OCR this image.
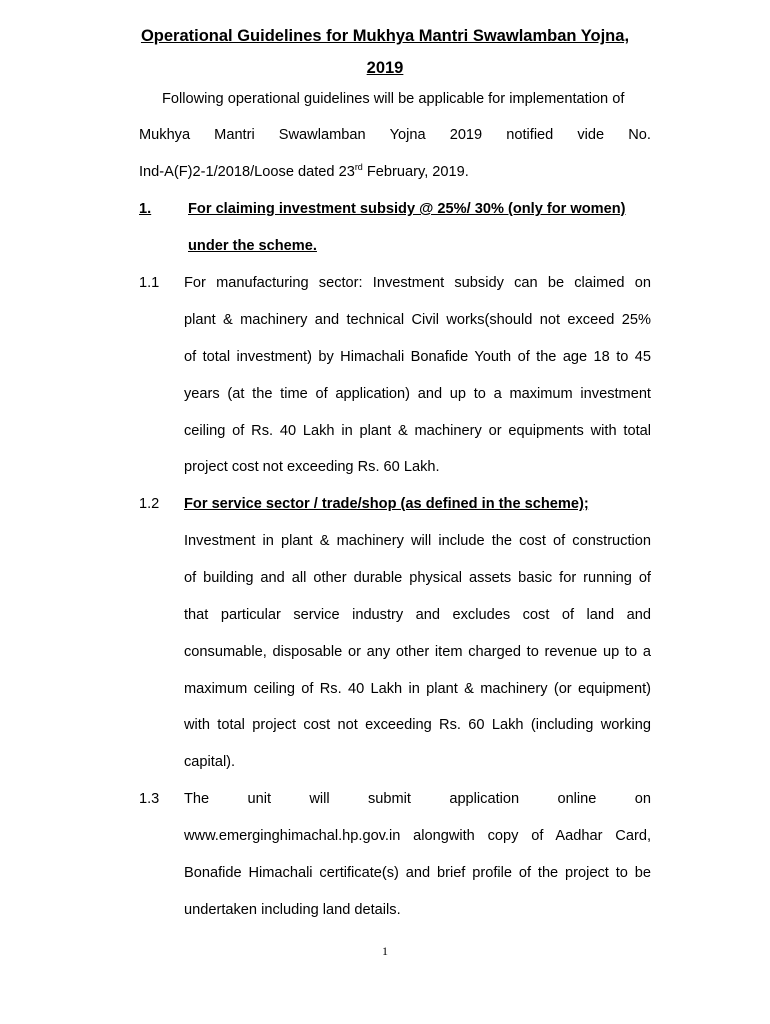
Operational Guidelines for Mukhya Mantri Swawlamban Yojna,
2019
Following operational guidelines will be applicable for implementation of
Mukhya Mantri Swawlamban Yojna 2019 notified vide No.
Ind-A(F)2-1/2018/Loose dated 23rd February, 2019.
1.	For claiming investment subsidy @ 25%/ 30% (only for women)
under the scheme.
1.1 For manufacturing sector: Investment subsidy can be claimed on
plant & machinery and technical Civil works(should not exceed 25%
of total investment) by Himachali Bonafide Youth of the age 18 to 45
years (at the time of application) and up to a maximum investment
ceiling of Rs. 40 Lakh in plant & machinery or equipments with total
project cost not exceeding Rs. 60 Lakh.
1.2 For service sector / trade/shop (as defined in the scheme);
Investment in plant & machinery will include the cost of construction
of building and all other durable physical assets basic for running of
that particular service industry and excludes cost of land and
consumable, disposable or any other item charged to revenue up to a
maximum ceiling of Rs. 40 Lakh in plant & machinery (or equipment)
with total project cost not exceeding Rs. 60 Lakh (including working
capital).
1.3 The	unit	will	submit	application	online	on
www.emerginghimachal.hp.gov.in alongwith copy of Aadhar Card,
Bonafide Himachali certificate(s) and brief profile of the project to be
undertaken including land details.
1
